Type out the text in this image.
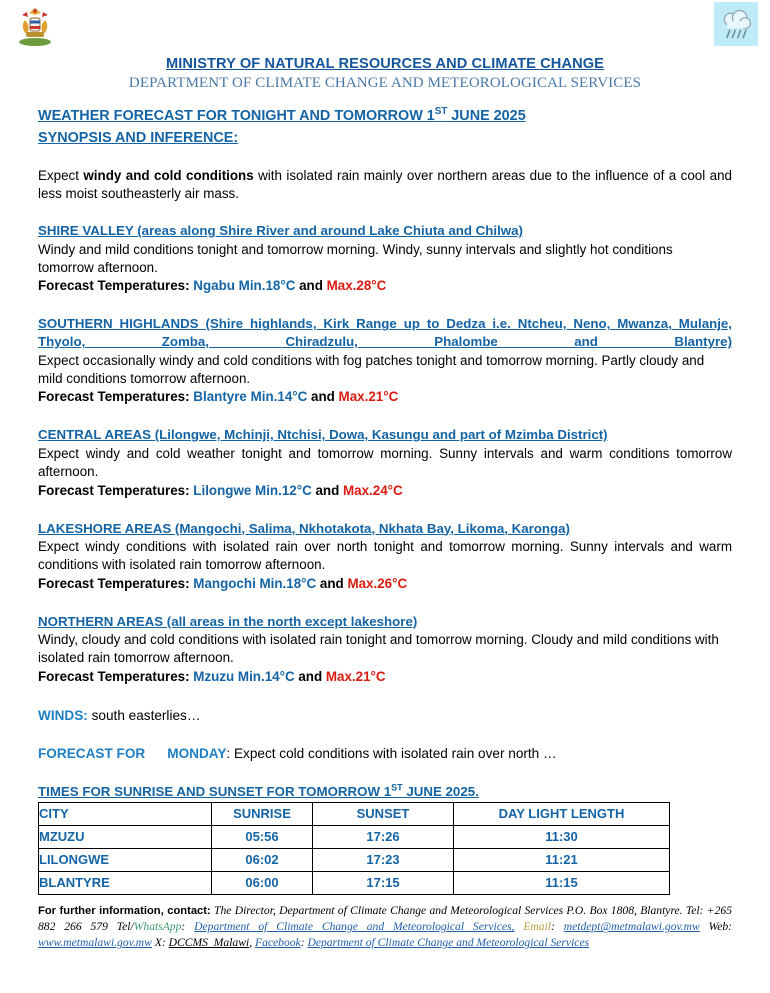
MINISTRY OF NATURAL RESOURCES AND CLIMATE CHANGE
DEPARTMENT OF CLIMATE CHANGE AND METEOROLOGICAL SERVICES
WEATHER FORECAST FOR TONIGHT AND TOMORROW 1ST JUNE 2025
SYNOPSIS AND INFERENCE:
Expect windy and cold conditions with isolated rain mainly over northern areas due to the influence of a cool and less moist southeasterly air mass.
SHIRE VALLEY (areas along Shire River and around Lake Chiuta and Chilwa)
Windy and mild conditions tonight and tomorrow morning. Windy, sunny intervals and slightly hot conditions tomorrow afternoon.
Forecast Temperatures: Ngabu Min.18°C and Max.28°C
SOUTHERN HIGHLANDS (Shire highlands, Kirk Range up to Dedza i.e. Ntcheu, Neno, Mwanza, Mulanje, Thyolo, Zomba, Chiradzulu, Phalombe and Blantyre)
Expect occasionally windy and cold conditions with fog patches tonight and tomorrow morning. Partly cloudy and mild conditions tomorrow afternoon.
Forecast Temperatures: Blantyre Min.14°C and Max.21°C
CENTRAL AREAS (Lilongwe, Mchinji, Ntchisi, Dowa, Kasungu and part of Mzimba District)
Expect windy and cold weather tonight and tomorrow morning. Sunny intervals and warm conditions tomorrow afternoon.
Forecast Temperatures: Lilongwe Min.12°C and Max.24°C
LAKESHORE AREAS (Mangochi, Salima, Nkhotakota, Nkhata Bay, Likoma, Karonga)
Expect windy conditions with isolated rain over north tonight and tomorrow morning. Sunny intervals and warm conditions with isolated rain tomorrow afternoon.
Forecast Temperatures: Mangochi Min.18°C and Max.26°C
NORTHERN AREAS (all areas in the north except lakeshore)
Windy, cloudy and cold conditions with isolated rain tonight and tomorrow morning. Cloudy and mild conditions with isolated rain tomorrow afternoon.
Forecast Temperatures: Mzuzu Min.14°C and Max.21°C
WINDS: south easterlies…
FORECAST FOR MONDAY: Expect cold conditions with isolated rain over north …
TIMES FOR SUNRISE AND SUNSET FOR TOMORROW 1ST JUNE 2025.
CITY	SUNRISE	SUNSET	DAY LIGHT LENGTH
MZUZU	05:56	17:26	11:30
LILONGWE	06:02	17:23	11:21
BLANTYRE	06:00	17:15	11:15
For further information, contact: The Director, Department of Climate Change and Meteorological Services P.O. Box 1808, Blantyre. Tel: +265 882 266 579 Tel/WhatsApp: Department of Climate Change and Meteorological Services, Email: metdept@metmalawi.gov.mw Web: www.metmalawi.gov.mw X: DCCMS_Malawi, Facebook: Department of Climate Change and Meteorological Services
